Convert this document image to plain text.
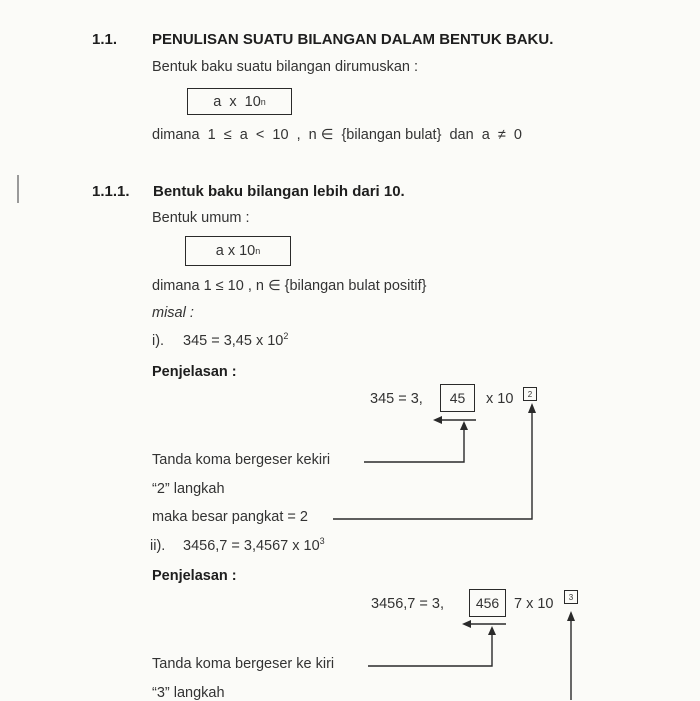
1.1. PENULISAN SUATU BILANGAN DALAM BENTUK BAKU.
Bentuk baku suatu bilangan dirumuskan :
a  x  10 n
dimana  1  ≤  a  <  10  ,  n ∈  {bilangan bulat}  dan  a  ≠  0
1.1.1. Bentuk baku bilangan lebih dari 10.
Bentuk umum :
a x 10 n
dimana 1 ≤ 10 , n ∈ {bilangan bulat positif}
misal :
i). 345 = 3,45 x $10^2$
Penjelasan :
345 = 3,	45	x 10	2
Tanda koma bergeser kekiri
“2” langkah
maka besar pangkat = 2
ii). 3456,7 = 3,4567 x $10^3$
Penjelasan :
3456,7 = 3,	456	7 x 10	3
Tanda koma bergeser ke kiri
“3” langkah
